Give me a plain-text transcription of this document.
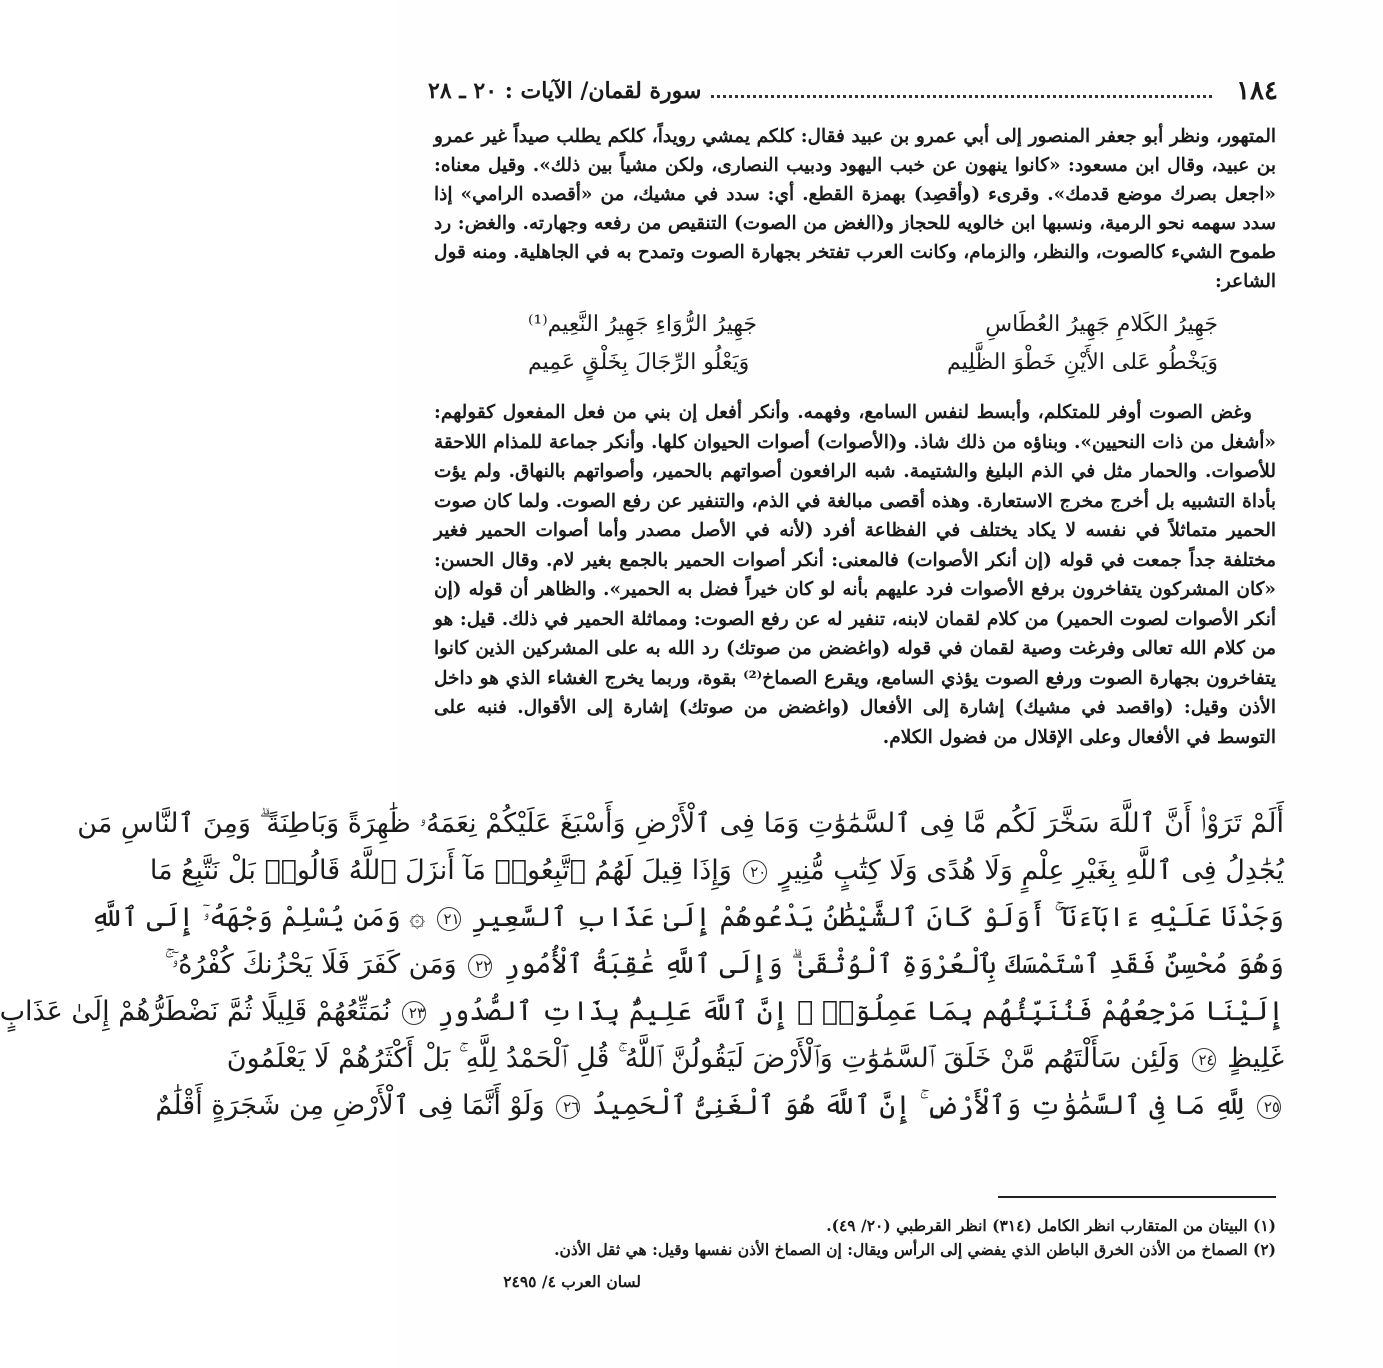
١٨٤
سورة لقمان/ الآيات : ٢٠ ـ ٢٨

المتهور، ونظر أبو جعفر المنصور إلى أبي عمرو بن عبيد فقال: كلكم يمشي رويداً، كلكم يطلب صيداً غير عمرو بن عبيد، وقال ابن مسعود: «كانوا ينهون عن خبب اليهود ودبيب النصارى، ولكن مشياً بين ذلك». وقيل معناه: «اجعل بصرك موضع قدمك». وقرىء (وأقصِد) بهمزة القطع. أي: سدد في مشيك، من «أقصده الرامي» إذا سدد سهمه نحو الرمية، ونسبها ابن خالويه للحجاز و(الغض من الصوت) التنقيص من رفعه وجهارته. والغض: رد طموح الشيء كالصوت، والنظر، والزمام، وكانت العرب تفتخر بجهارة الصوت وتمدح به في الجاهلية. ومنه قول الشاعر:

جَهِيرُ الكَلامِ جَهِيرُ العُطَاسِ
جَهِيرُ الرُّوَاءِ جَهِيرُ النَّعِيم⁽¹⁾
وَيَخْطُو عَلى الأَيْنِ خَطْوَ الظَّلِيم
وَيَعْلُو الرِّجَالَ بِخَلْقٍ عَمِيم

وغض الصوت أوفر للمتكلم، وأبسط لنفس السامع، وفهمه. وأنكر أفعل إن بني من فعل المفعول كقولهم: «أشغل من ذات النحيين». وبناؤه من ذلك شاذ. و(الأصوات) أصوات الحيوان كلها. وأنكر جماعة للمذام اللاحقة للأصوات. والحمار مثل في الذم البليغ والشتيمة. شبه الرافعون أصواتهم بالحمير، وأصواتهم بالنهاق. ولم يؤت بأداة التشبيه بل أخرج مخرج الاستعارة. وهذه أقصى مبالغة في الذم، والتنفير عن رفع الصوت. ولما كان صوت الحمير متماثلاً في نفسه لا يكاد يختلف في الفظاعة أفرد (لأنه في الأصل مصدر وأما أصوات الحمير فغير مختلفة جداً جمعت في قوله (إن أنكر الأصوات) فالمعنى: أنكر أصوات الحمير بالجمع بغير لام. وقال الحسن: «كان المشركون يتفاخرون برفع الأصوات فرد عليهم بأنه لو كان خيراً فضل به الحمير». والظاهر أن قوله (إن أنكر الأصوات لصوت الحمير) من كلام لقمان لابنه، تنفير له عن رفع الصوت: ومماثلة الحمير في ذلك. قيل: هو من كلام الله تعالى وفرغت وصية لقمان في قوله (واغضض من صوتك) رد الله به على المشركين الذين كانوا يتفاخرون بجهارة الصوت ورفع الصوت يؤذي السامع، ويقرع الصماخ⁽²⁾ بقوة، وربما يخرج الغشاء الذي هو داخل الأذن وقيل: (واقصد في مشيك) إشارة إلى الأفعال (واغضض من صوتك) إشارة إلى الأقوال. فنبه على التوسط في الأفعال وعلى الإقلال من فضول الكلام.

أَلَمْ تَرَوْا۟ أَنَّ ٱللَّهَ سَخَّرَ لَكُم مَّا فِى ٱلسَّمَٰوَٰتِ وَمَا فِى ٱلْأَرْضِ وَأَسْبَغَ عَلَيْكُمْ نِعَمَهُۥ ظَٰهِرَةً وَبَاطِنَةً ۗ وَمِنَ ٱلنَّاسِ مَن
يُجَٰدِلُ فِى ٱللَّهِ بِغَيْرِ عِلْمٍ وَلَا هُدًى وَلَا كِتَٰبٍ مُّنِيرٍ ٢٠ وَإِذَا قِيلَ لَهُمُ ٱتَّبِعُوا۟ مَآ أَنزَلَ ٱللَّهُ قَالُوا۟ بَلْ نَتَّبِعُ مَا
وَجَدْنَا عَلَيْهِ ءَابَآءَنَآ ۚ أَوَلَوْ كَانَ ٱلشَّيْطَٰنُ يَدْعُوهُمْ إِلَىٰ عَذَابِ ٱلسَّعِيرِ ٢١ ۞ وَمَن يُسْلِمْ وَجْهَهُۥٓ إِلَى ٱللَّهِ
وَهُوَ مُحْسِنٌ فَقَدِ ٱسْتَمْسَكَ بِٱلْعُرْوَةِ ٱلْوُثْقَىٰ ۗ وَإِلَى ٱللَّهِ عَٰقِبَةُ ٱلْأُمُورِ ٢٢ وَمَن كَفَرَ فَلَا يَحْزُنكَ كُفْرُهُۥٓ ۚ
إِلَيْنَا مَرْجِعُهُمْ فَنُنَبِّئُهُم بِمَا عَمِلُوٓا۟ ۚ إِنَّ ٱللَّهَ عَلِيمٌۢ بِذَاتِ ٱلصُّدُورِ ٢٣ نُمَتِّعُهُمْ قَلِيلًا ثُمَّ نَضْطَرُّهُمْ إِلَىٰ عَذَابٍ
غَلِيظٍ ٢٤ وَلَئِن سَأَلْتَهُم مَّنْ خَلَقَ ٱلسَّمَٰوَٰتِ وَٱلْأَرْضَ لَيَقُولُنَّ ٱللَّهُ ۚ قُلِ ٱلْحَمْدُ لِلَّهِ ۚ بَلْ أَكْثَرُهُمْ لَا يَعْلَمُونَ
٢٥ لِلَّهِ مَا فِى ٱلسَّمَٰوَٰتِ وَٱلْأَرْضِ ۚ إِنَّ ٱللَّهَ هُوَ ٱلْغَنِىُّ ٱلْحَمِيدُ ٢٦ وَلَوْ أَنَّمَا فِى ٱلْأَرْضِ مِن شَجَرَةٍ أَقْلَٰمٌ

(١) البيتان من المتقارب انظر الكامل (٣١٤) انظر القرطبي (٢٠/ ٤٩).

(٢) الصماخ من الأذن الخرق الباطن الذي يفضي إلى الرأس ويقال: إن الصماخ الأذن نفسها وقيل: هي ثقل الأذن.

لسان العرب ٤/ ٢٤٩٥
